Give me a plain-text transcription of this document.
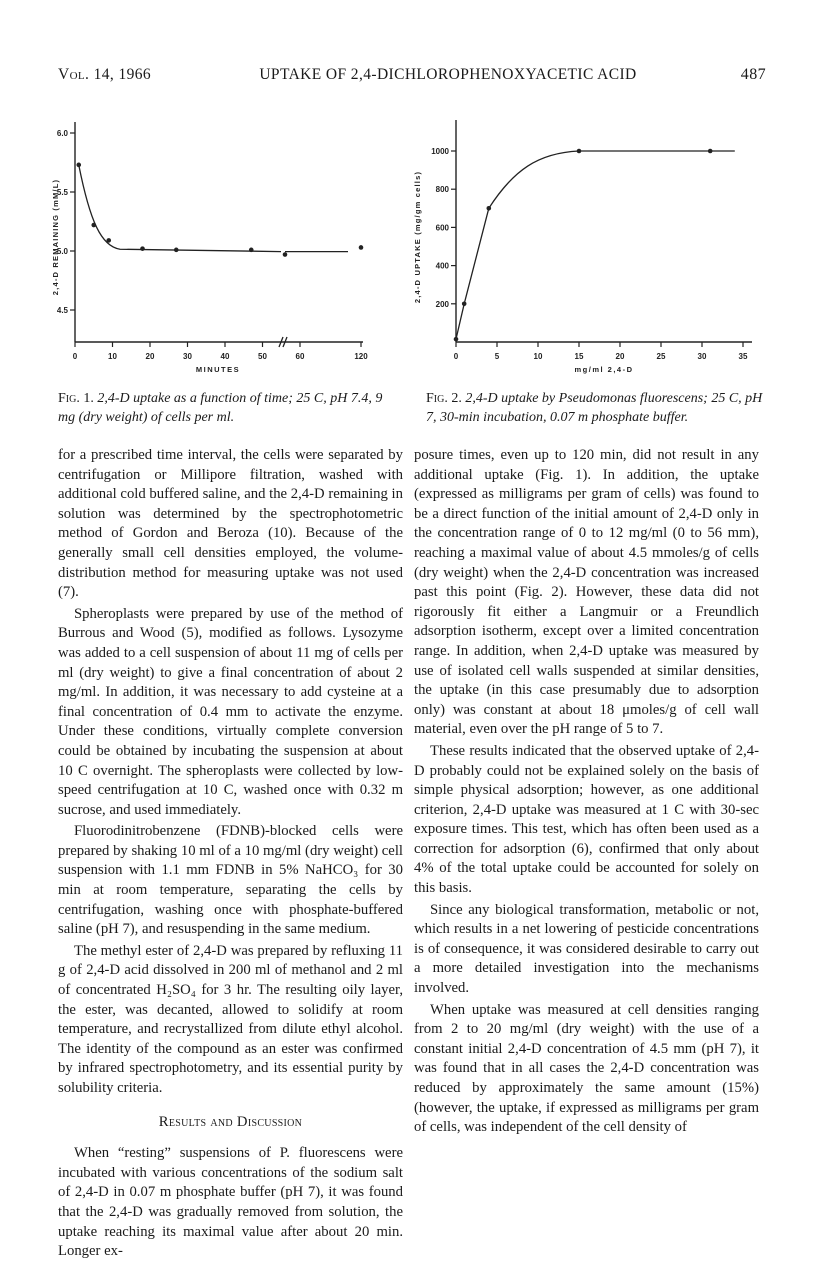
Vol. 14, 1966	UPTAKE OF 2,4-DICHLOROPHENOXYACETIC ACID	487
4.5
5.0
5.5
6.0
0	10	20	30	40	50	60	120
MINUTES
2,4-D REMAINING (mM/L)
Fig. 1. 2,4-D uptake as a function of time; 25 C, pH 7.4, 9 mg (dry weight) of cells per ml.
200
400
600
800
1000
0	5	10	15	20	25	30	35
mg/ml 2,4-D
2,4-D UPTAKE (mg/gm cells)
Fig. 2. 2,4-D uptake by Pseudomonas fluorescens; 25 C, pH 7, 30-min incubation, 0.07 m phosphate buffer.

for a prescribed time interval, the cells were separated by centrifugation or Millipore filtration, washed with additional cold buffered saline, and the 2,4-D remaining in solution was determined by the spectrophotometric method of Gordon and Beroza (10). Because of the generally small cell densities employed, the volume-distribution method for measuring uptake was not used (7).

Spheroplasts were prepared by use of the method of Burrous and Wood (5), modified as follows. Lysozyme was added to a cell suspension of about 11 mg of cells per ml (dry weight) to give a final concentration of about 2 mg/ml. In addition, it was necessary to add cysteine at a final concentration of 0.4 mm to activate the enzyme. Under these conditions, virtually complete conversion could be obtained by incubating the suspension at about 10 C overnight. The spheroplasts were collected by low-speed centrifugation at 10 C, washed once with 0.32 m sucrose, and used immediately.

Fluorodinitrobenzene (FDNB)-blocked cells were prepared by shaking 10 ml of a 10 mg/ml (dry weight) cell suspension with 1.1 mm FDNB in 5% NaHCO₃ for 30 min at room temperature, separating the cells by centrifugation, washing once with phosphate-buffered saline (pH 7), and resuspending in the same medium.

The methyl ester of 2,4-D was prepared by refluxing 11 g of 2,4-D acid dissolved in 200 ml of methanol and 2 ml of concentrated H₂SO₄ for 3 hr. The resulting oily layer, the ester, was decanted, allowed to solidify at room temperature, and recrystallized from dilute ethyl alcohol. The identity of the compound as an ester was confirmed by infrared spectrophotometry, and its essential purity by solubility criteria.

Results and Discussion

When “resting” suspensions of P. fluorescens were incubated with various concentrations of the sodium salt of 2,4-D in 0.07 m phosphate buffer (pH 7), it was found that the 2,4-D was gradually removed from solution, the uptake reaching its maximal value after about 20 min. Longer ex-

posure times, even up to 120 min, did not result in any additional uptake (Fig. 1). In addition, the uptake (expressed as milligrams per gram of cells) was found to be a direct function of the initial amount of 2,4-D only in the concentration range of 0 to 12 mg/ml (0 to 56 mm), reaching a maximal value of about 4.5 mmoles/g of cells (dry weight) when the 2,4-D concentration was increased past this point (Fig. 2). However, these data did not rigorously fit either a Langmuir or a Freundlich adsorption isotherm, except over a limited concentration range. In addition, when 2,4-D uptake was measured by use of isolated cell walls suspended at similar densities, the uptake (in this case presumably due to adsorption only) was constant at about 18 μmoles/g of cell wall material, even over the pH range of 5 to 7.

These results indicated that the observed uptake of 2,4-D probably could not be explained solely on the basis of simple physical adsorption; however, as one additional criterion, 2,4-D uptake was measured at 1 C with 30-sec exposure times. This test, which has often been used as a correction for adsorption (6), confirmed that only about 4% of the total uptake could be accounted for solely on this basis.

Since any biological transformation, metabolic or not, which results in a net lowering of pesticide concentrations is of consequence, it was considered desirable to carry out a more detailed investigation into the mechanisms involved.

When uptake was measured at cell densities ranging from 2 to 20 mg/ml (dry weight) with the use of a constant initial 2,4-D concentration of 4.5 mm (pH 7), it was found that in all cases the 2,4-D concentration was reduced by approximately the same amount (15%) (however, the uptake, if expressed as milligrams per gram of cells, was independent of the cell density of
